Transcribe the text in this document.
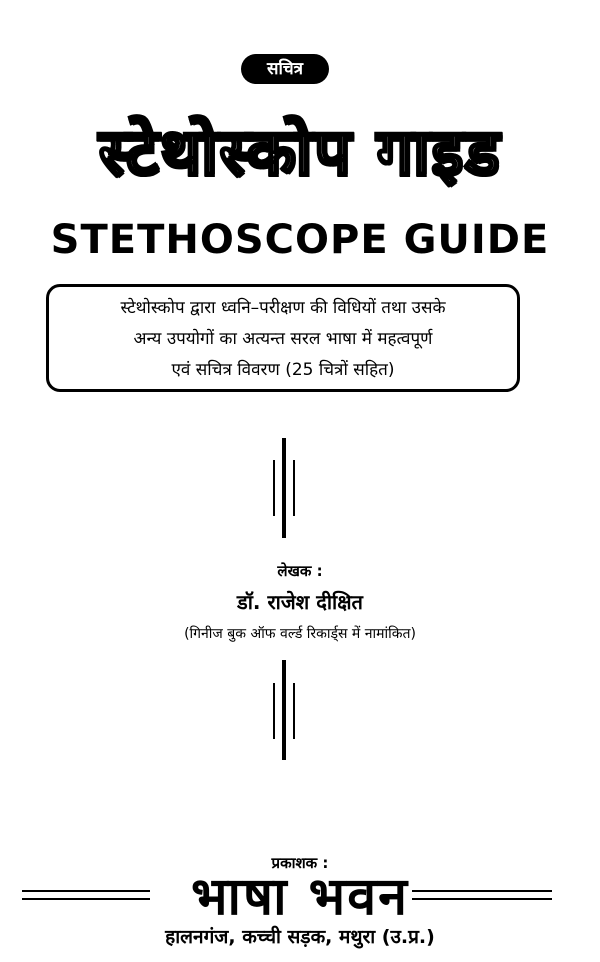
सचित्र
स्टेथोस्कोप गाइड
STETHOSCOPE GUIDE
स्टेथोस्कोप द्वारा ध्वनि–परीक्षण की विधियों तथा उसके
अन्य उपयोगों का अत्यन्त सरल भाषा में महत्वपूर्ण
एवं सचित्र विवरण (25 चित्रों सहित)
लेखक :
डॉ. राजेश दीक्षित
(गिनीज बुक ऑफ वर्ल्ड रिकार्ड्स में नामांकित)
प्रकाशक :
भाषा भवन
हालनगंज, कच्ची सड़क, मथुरा (उ.प्र.)
